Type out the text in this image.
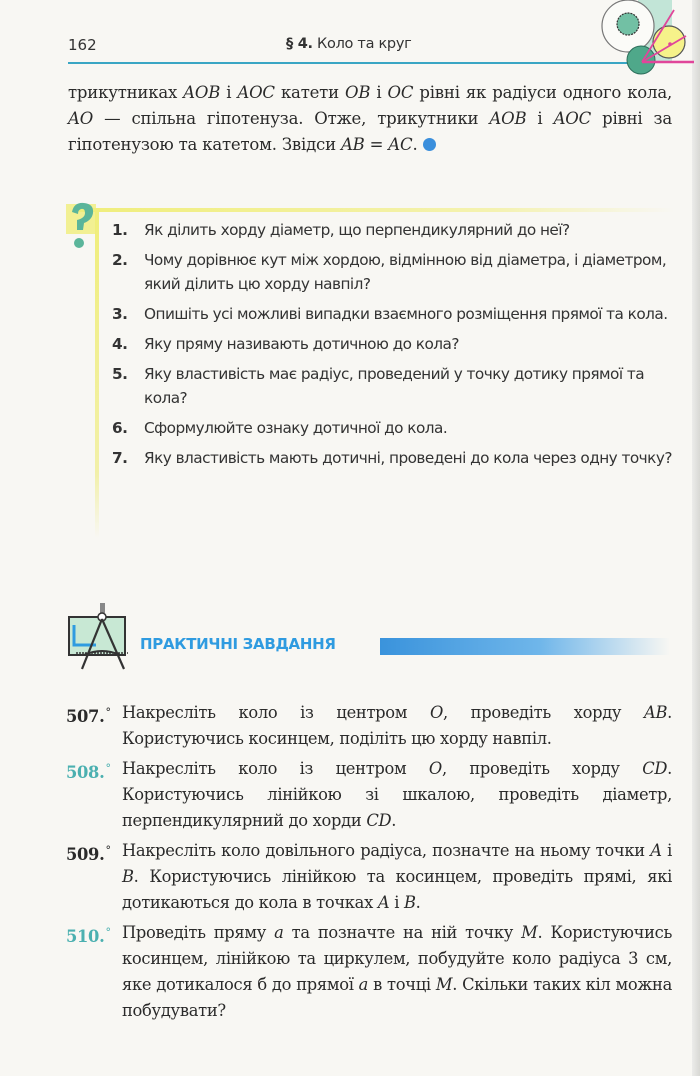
162	§ 4. Коло та круг
трикутниках AOB і AOC катети OB і OC рівні як радіуси одного кола, AO — спільна гіпотенуза. Отже, трикутники AOB і AOC рівні за гіпотенузою та катетом. Звідси AB = AC.
1. Як ділить хорду діаметр, що перпендикулярний до неї?
2. Чому дорівнює кут між хордою, відмінною від діаметра, і діаметром, який ділить цю хорду навпіл?
3. Опишіть усі можливі випадки взаємного розміщення прямої та кола.
4. Яку пряму називають дотичною до кола?
5. Яку властивість має радіус, проведений у точку дотику прямої та кола?
6. Сформулюйте ознаку дотичної до кола.
7. Яку властивість мають дотичні, проведені до кола через одну точку?
ПРАКТИЧНІ ЗАВДАННЯ
507.° Накресліть коло із центром O, проведіть хорду AB. Користуючись косинцем, поділіть цю хорду навпіл.
508.° Накресліть коло із центром O, проведіть хорду CD. Користуючись лінійкою зі шкалою, проведіть діаметр, перпендикулярний до хорди CD.
509.° Накресліть коло довільного радіуса, позначте на ньому точки A і B. Користуючись лінійкою та косинцем, проведіть прямі, які дотикаються до кола в точках A і B.
510.° Проведіть пряму a та позначте на ній точку M. Користуючись косинцем, лінійкою та циркулем, побудуйте коло радіуса 3 см, яке дотикалося б до прямої a в точці M. Скільки таких кіл можна побудувати?
